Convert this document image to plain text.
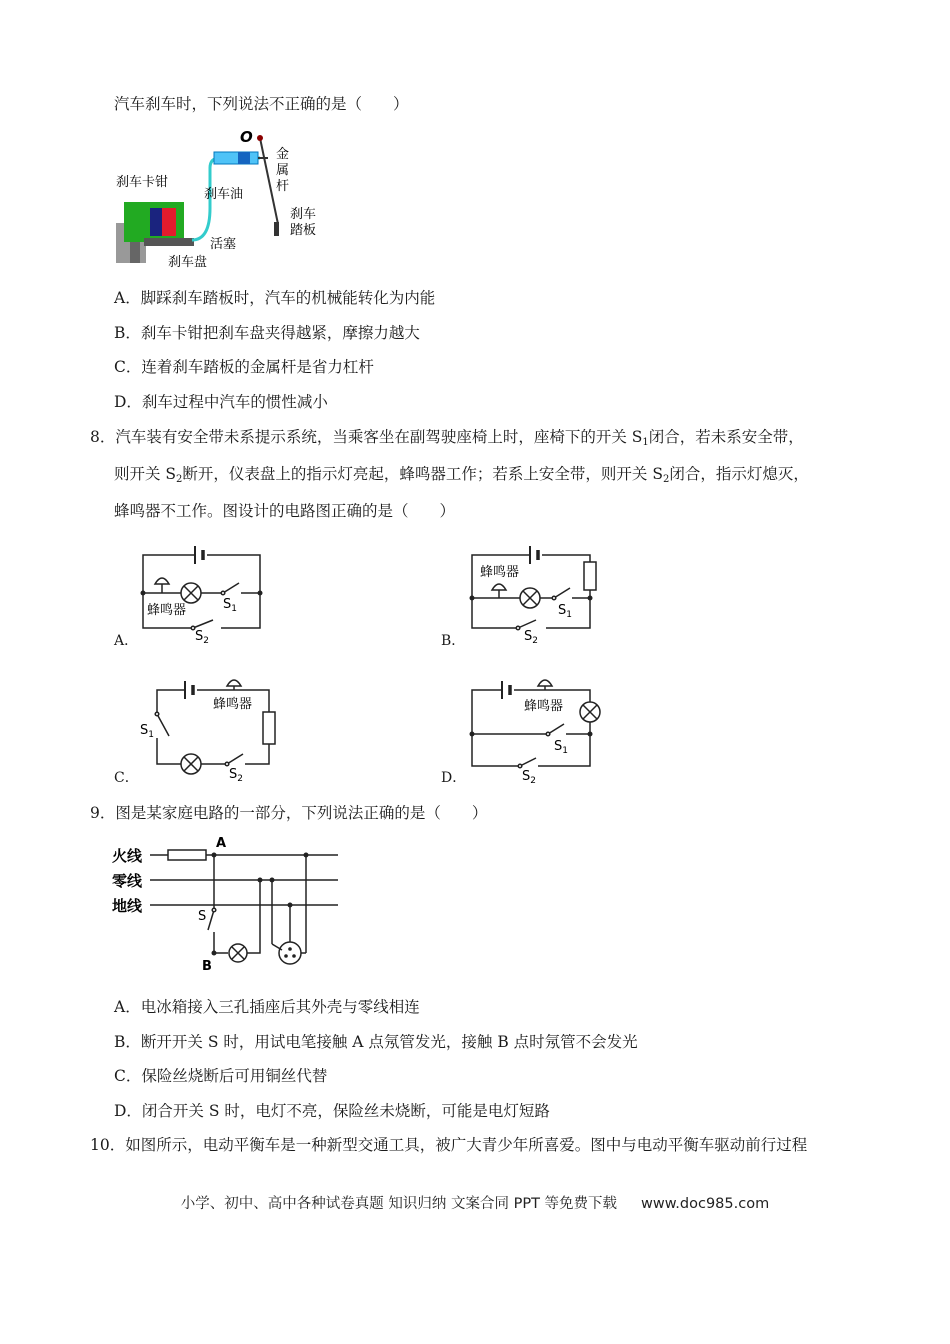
汽车刹车时，下列说法不正确的是（　　）
O
金
属
杆
刹车油
刹车卡钳
活塞
刹车盘
刹车
踏板
A．脚踩刹车踏板时，汽车的机械能转化为内能
B．刹车卡钳把刹车盘夹得越紧，摩擦力越大
C．连着刹车踏板的金属杆是省力杠杆
D．刹车过程中汽车的惯性减小
8．汽车装有安全带未系提示系统，当乘客坐在副驾驶座椅上时，座椅下的开关 $S_1$闭合，若未系安全带，
则开关 $S_2$断开，仪表盘上的指示灯亮起，蜂鸣器工作；若系上安全带，则开关 $S_2$闭合，指示灯熄灭，
蜂鸣器不工作。图设计的电路图正确的是（　　）
蜂鸣器	$S_1$
$S_2$
A．
蜂鸣器
$S_1$
$S_2$
B．
蜂鸣器
$S_1$
$S_2$
C．
蜂鸣器
$S_1$
$S_2$
D．
9．图是某家庭电路的一部分，下列说法正确的是（　　）
火线
零线
地线
A
B
S
A．电冰箱接入三孔插座后其外壳与零线相连
B．断开开关 S 时，用试电笔接触 A 点氖管发光，接触 B 点时氖管不会发光
C．保险丝烧断后可用铜丝代替
D．闭合开关 S 时，电灯不亮，保险丝未烧断，可能是电灯短路
10．如图所示，电动平衡车是一种新型交通工具，被广大青少年所喜爱。图中与电动平衡车驱动前行过程
小学、初中、高中各种试卷真题 知识归纳 文案合同 PPT 等免费下载 www.doc985.com
